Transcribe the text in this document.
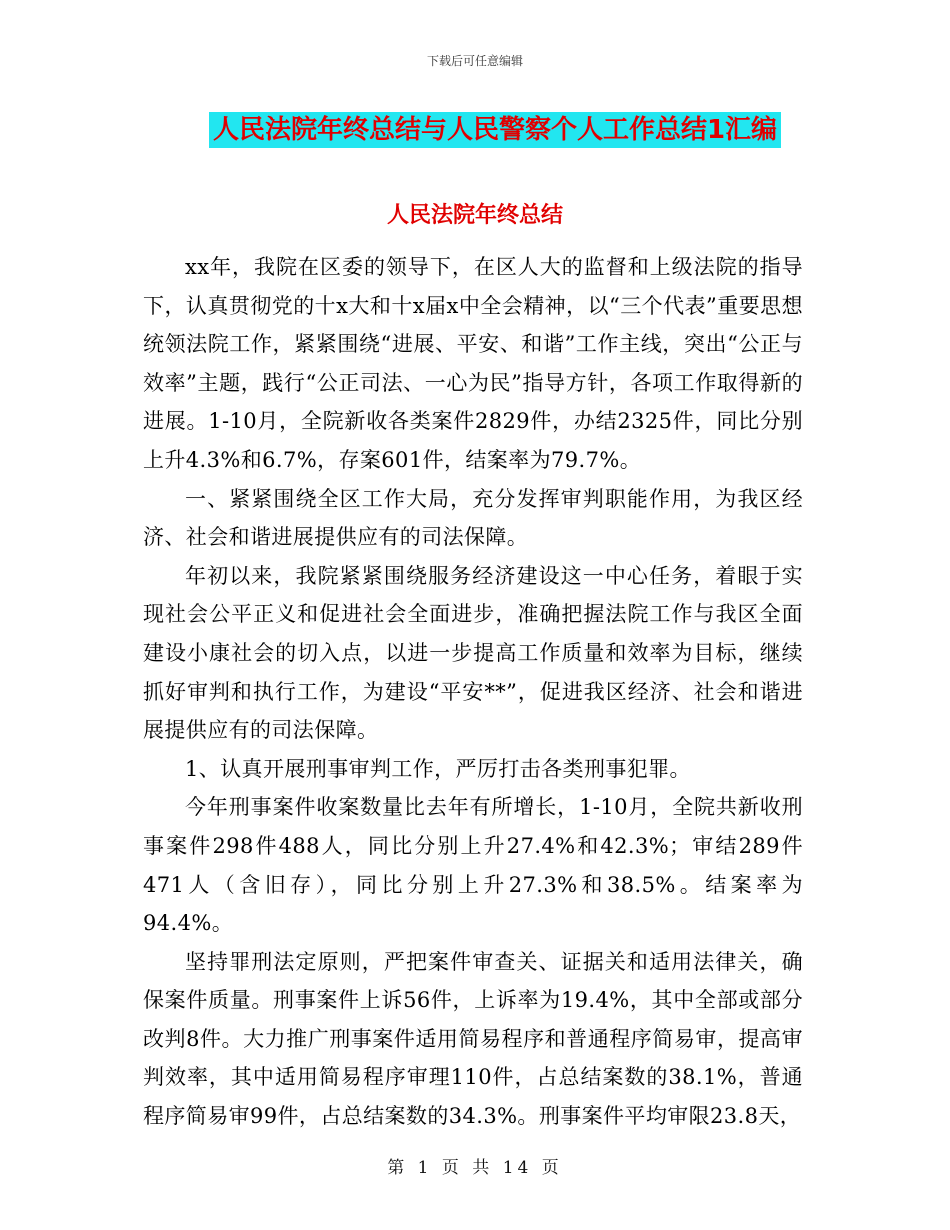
下载后可任意编辑
人民法院年终总结与人民警察个人工作总结1汇编
人民法院年终总结

xx年，我院在区委的领导下，在区人大的监督和上级法院的指导下，认真贯彻党的十x大和十x届x中全会精神，以“三个代表”重要思想统领法院工作，紧紧围绕“进展、平安、和谐”工作主线，突出“公正与效率”主题，践行“公正司法、一心为民”指导方针，各项工作取得新的进展。1-10月，全院新收各类案件2829件，办结2325件，同比分别上升4.3%和6.7%，存案601件，结案率为79.7%。

一、紧紧围绕全区工作大局，充分发挥审判职能作用，为我区经济、社会和谐进展提供应有的司法保障。

年初以来，我院紧紧围绕服务经济建设这一中心任务，着眼于实现社会公平正义和促进社会全面进步，准确把握法院工作与我区全面建设小康社会的切入点，以进一步提高工作质量和效率为目标，继续抓好审判和执行工作，为建设“平安**”，促进我区经济、社会和谐进展提供应有的司法保障。

1、认真开展刑事审判工作，严厉打击各类刑事犯罪。

今年刑事案件收案数量比去年有所增长，1-10月，全院共新收刑事案件298件488人，同比分别上升27.4%和42.3%；审结289件471人（含旧存），同比分别上升27.3%和38.5%。结案率为94.4%。

坚持罪刑法定原则，严把案件审查关、证据关和适用法律关，确保案件质量。刑事案件上诉56件，上诉率为19.4%，其中全部或部分改判8件。大力推广刑事案件适用简易程序和普通程序简易审，提高审判效率，其中适用简易程序审理110件，占总结案数的38.1%，普通程序简易审99件，占总结案数的34.3%。刑事案件平均审限23.8天，

第 1 页 共 14 页
